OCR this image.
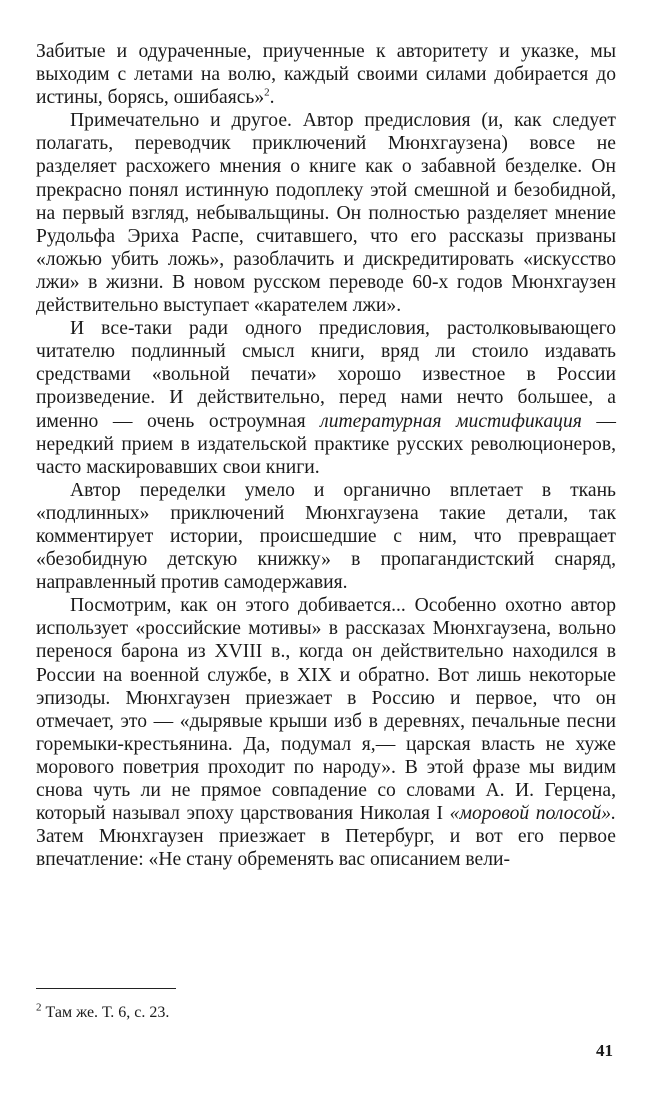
Забитые и одураченные, приученные к авторитету и указке, мы выходим с летами на волю, каждый своими силами добирается до истины, борясь, ошибаясь»$^2$.

Примечательно и другое. Автор предисловия (и, как следует полагать, переводчик приключений Мюнхгаузена) вовсе не разделяет расхожего мнения о книге как о забавной безделке. Он прекрасно понял истинную подоплеку этой смешной и безобидной, на первый взгляд, небывальщины. Он полностью разделяет мнение Рудольфа Эриха Распе, считавшего, что его рассказы призваны «ложью убить ложь», разоблачить и дискредитировать «искусство лжи» в жизни. В новом русском переводе 60-х годов Мюнхгаузен действительно выступает «карателем лжи».

И все-таки ради одного предисловия, растолковывающего читателю подлинный смысл книги, вряд ли стоило издавать средствами «вольной печати» хорошо известное в России произведение. И действительно, перед нами нечто большее, а именно — очень остроумная литературная мистификация — нередкий прием в издательской практике русских революционеров, часто маскировавших свои книги.

Автор переделки умело и органично вплетает в ткань «подлинных» приключений Мюнхгаузена такие детали, так комментирует истории, происшедшие с ним, что превращает «безобидную детскую книжку» в пропагандистский снаряд, направленный против самодержавия.

Посмотрим, как он этого добивается... Особенно охотно автор использует «российские мотивы» в рассказах Мюнхгаузена, вольно перенося барона из XVIII в., когда он действительно находился в России на военной службе, в XIX и обратно. Вот лишь некоторые эпизоды. Мюнхгаузен приезжает в Россию и первое, что он отмечает, это — «дырявые крыши изб в деревнях, печальные песни горемыки-крестьянина. Да, подумал я,— царская власть не хуже морового поветрия проходит по народу». В этой фразе мы видим снова чуть ли не прямое совпадение со словами А. И. Герцена, который называл эпоху царствования Николая I «моровой полосой». Затем Мюнхгаузен приезжает в Петербург, и вот его первое впечатление: «Не стану обременять вас описанием вели-

$^2$ Там же. Т. 6, с. 23.
41
